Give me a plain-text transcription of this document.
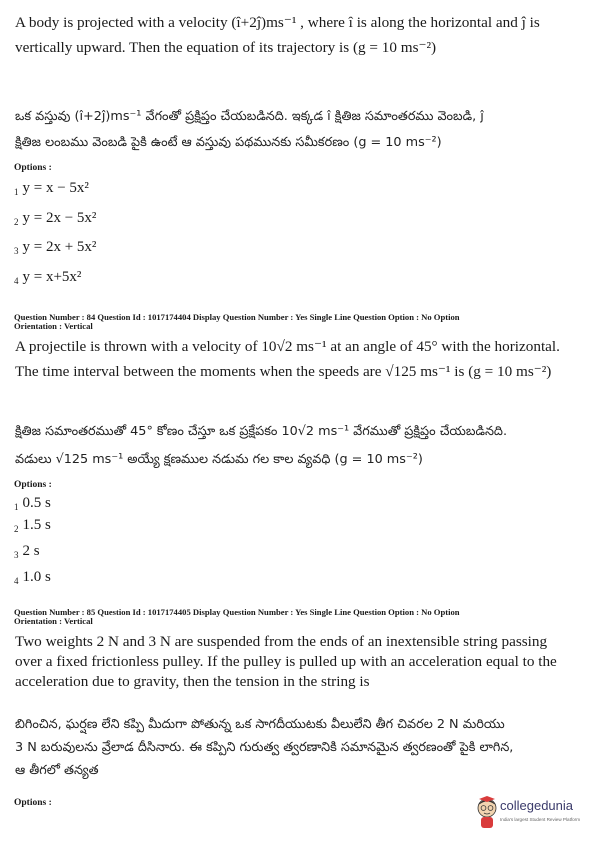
A body is projected with a velocity (î+2ĵ)ms⁻¹ , where î is along the horizontal and ĵ is
vertically upward. Then the equation of its trajectory is (g = 10 ms⁻²)
ఒక వస్తువు (î+2ĵ)ms⁻¹ వేగంతో ప్రక్షిప్తం చేయబడినది. ఇక్కడ î క్షితిజ సమాంతరము వెంబడి, ĵ
క్షితిజ లంబము వెంబడి పైకి ఉంటే ఆ వస్తువు పథమునకు సమీకరణం (g = 10 ms⁻²)
Options :
$_1$ y = x − 5x²
$_2$ y = 2x − 5x²
$_3$ y = 2x + 5x²
$_4$ y = x+5x²
Question Number : 84 Question Id : 1017174404 Display Question Number : Yes Single Line Question Option : No Option
Orientation : Vertical
A projectile is thrown with a velocity of 10√2 ms⁻¹ at an angle of 45° with the horizontal.
The time interval between the moments when the speeds are √125 ms⁻¹ is (g = 10 ms⁻²)
క్షితిజ సమాంతరముతో 45° కోణం చేస్తూ ఒక ప్రక్షేపకం 10√2 ms⁻¹ వేగముతో ప్రక్షిప్తం చేయబడినది.
వడులు √125 ms⁻¹ అయ్యే క్షణముల నడుమ గల కాల వ్యవధి (g = 10 ms⁻²)
Options :
$_1$ 0.5 s
$_2$ 1.5 s
$_3$ 2 s
$_4$ 1.0 s
Question Number : 85 Question Id : 1017174405 Display Question Number : Yes Single Line Question Option : No Option
Orientation : Vertical
Two weights 2 N and 3 N are suspended from the ends of an inextensible string passing
over a fixed frictionless pulley. If the pulley is pulled up with an acceleration equal to the
acceleration due to gravity, then the tension in the string is
బిగించిన, ఘర్షణ లేని కప్పి మీదుగా పోతున్న ఒక సాగదీయుటకు వీలులేని తీగ చివరల 2 N మరియు
3 N బరువులను వ్రేలాడ దీసినారు. ఈ కప్పిని గురుత్వ త్వరణానికి సమానమైన త్వరణంతో పైకి లాగిన,
ఆ తీగలో తన్యత
Options :	collegedunia
India's largest Student Review Platform
